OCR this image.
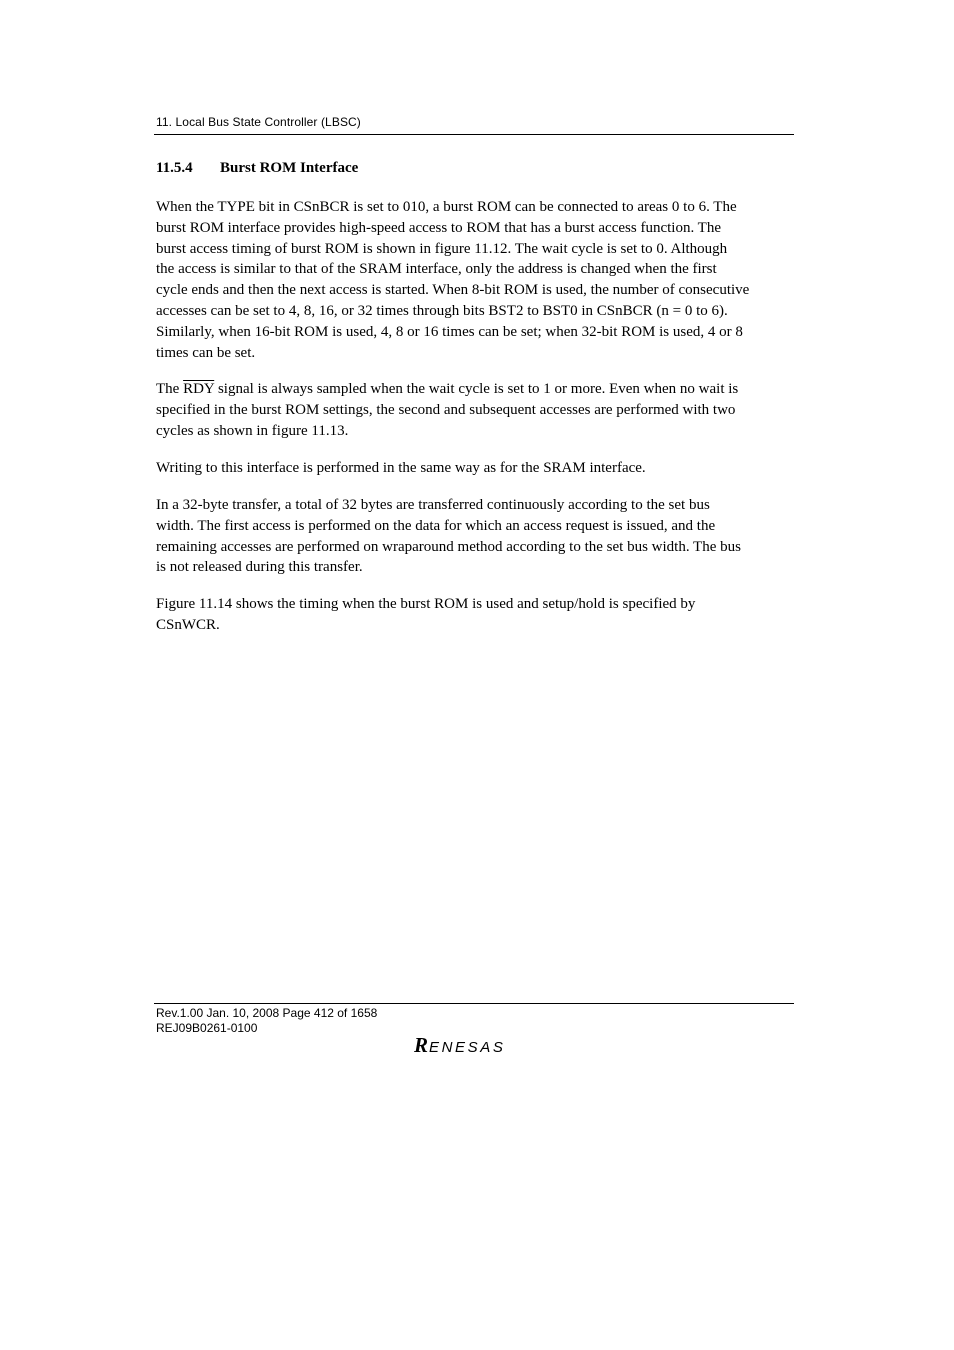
11. Local Bus State Controller (LBSC)
11.5.4 Burst ROM Interface
When the TYPE bit in CSnBCR is set to 010, a burst ROM can be connected to areas 0 to 6. The
burst ROM interface provides high-speed access to ROM that has a burst access function. The
burst access timing of burst ROM is shown in figure 11.12. The wait cycle is set to 0. Although
the access is similar to that of the SRAM interface, only the address is changed when the first
cycle ends and then the next access is started. When 8-bit ROM is used, the number of consecutive
accesses can be set to 4, 8, 16, or 32 times through bits BST2 to BST0 in CSnBCR (n = 0 to 6).
Similarly, when 16-bit ROM is used, 4, 8 or 16 times can be set; when 32-bit ROM is used, 4 or 8
times can be set.
The $\overline{RDY}$ signal is always sampled when the wait cycle is set to 1 or more. Even when no wait is
specified in the burst ROM settings, the second and subsequent accesses are performed with two
cycles as shown in figure 11.13.
Writing to this interface is performed in the same way as for the SRAM interface.
In a 32-byte transfer, a total of 32 bytes are transferred continuously according to the set bus
width. The first access is performed on the data for which an access request is issued, and the
remaining accesses are performed on wraparound method according to the set bus width. The bus
is not released during this transfer.
Figure 11.14 shows the timing when the burst ROM is used and setup/hold is specified by
CSnWCR.
Rev.1.00 Jan. 10, 2008 Page 412 of 1658
REJ09B0261-0100
R ENESAS
